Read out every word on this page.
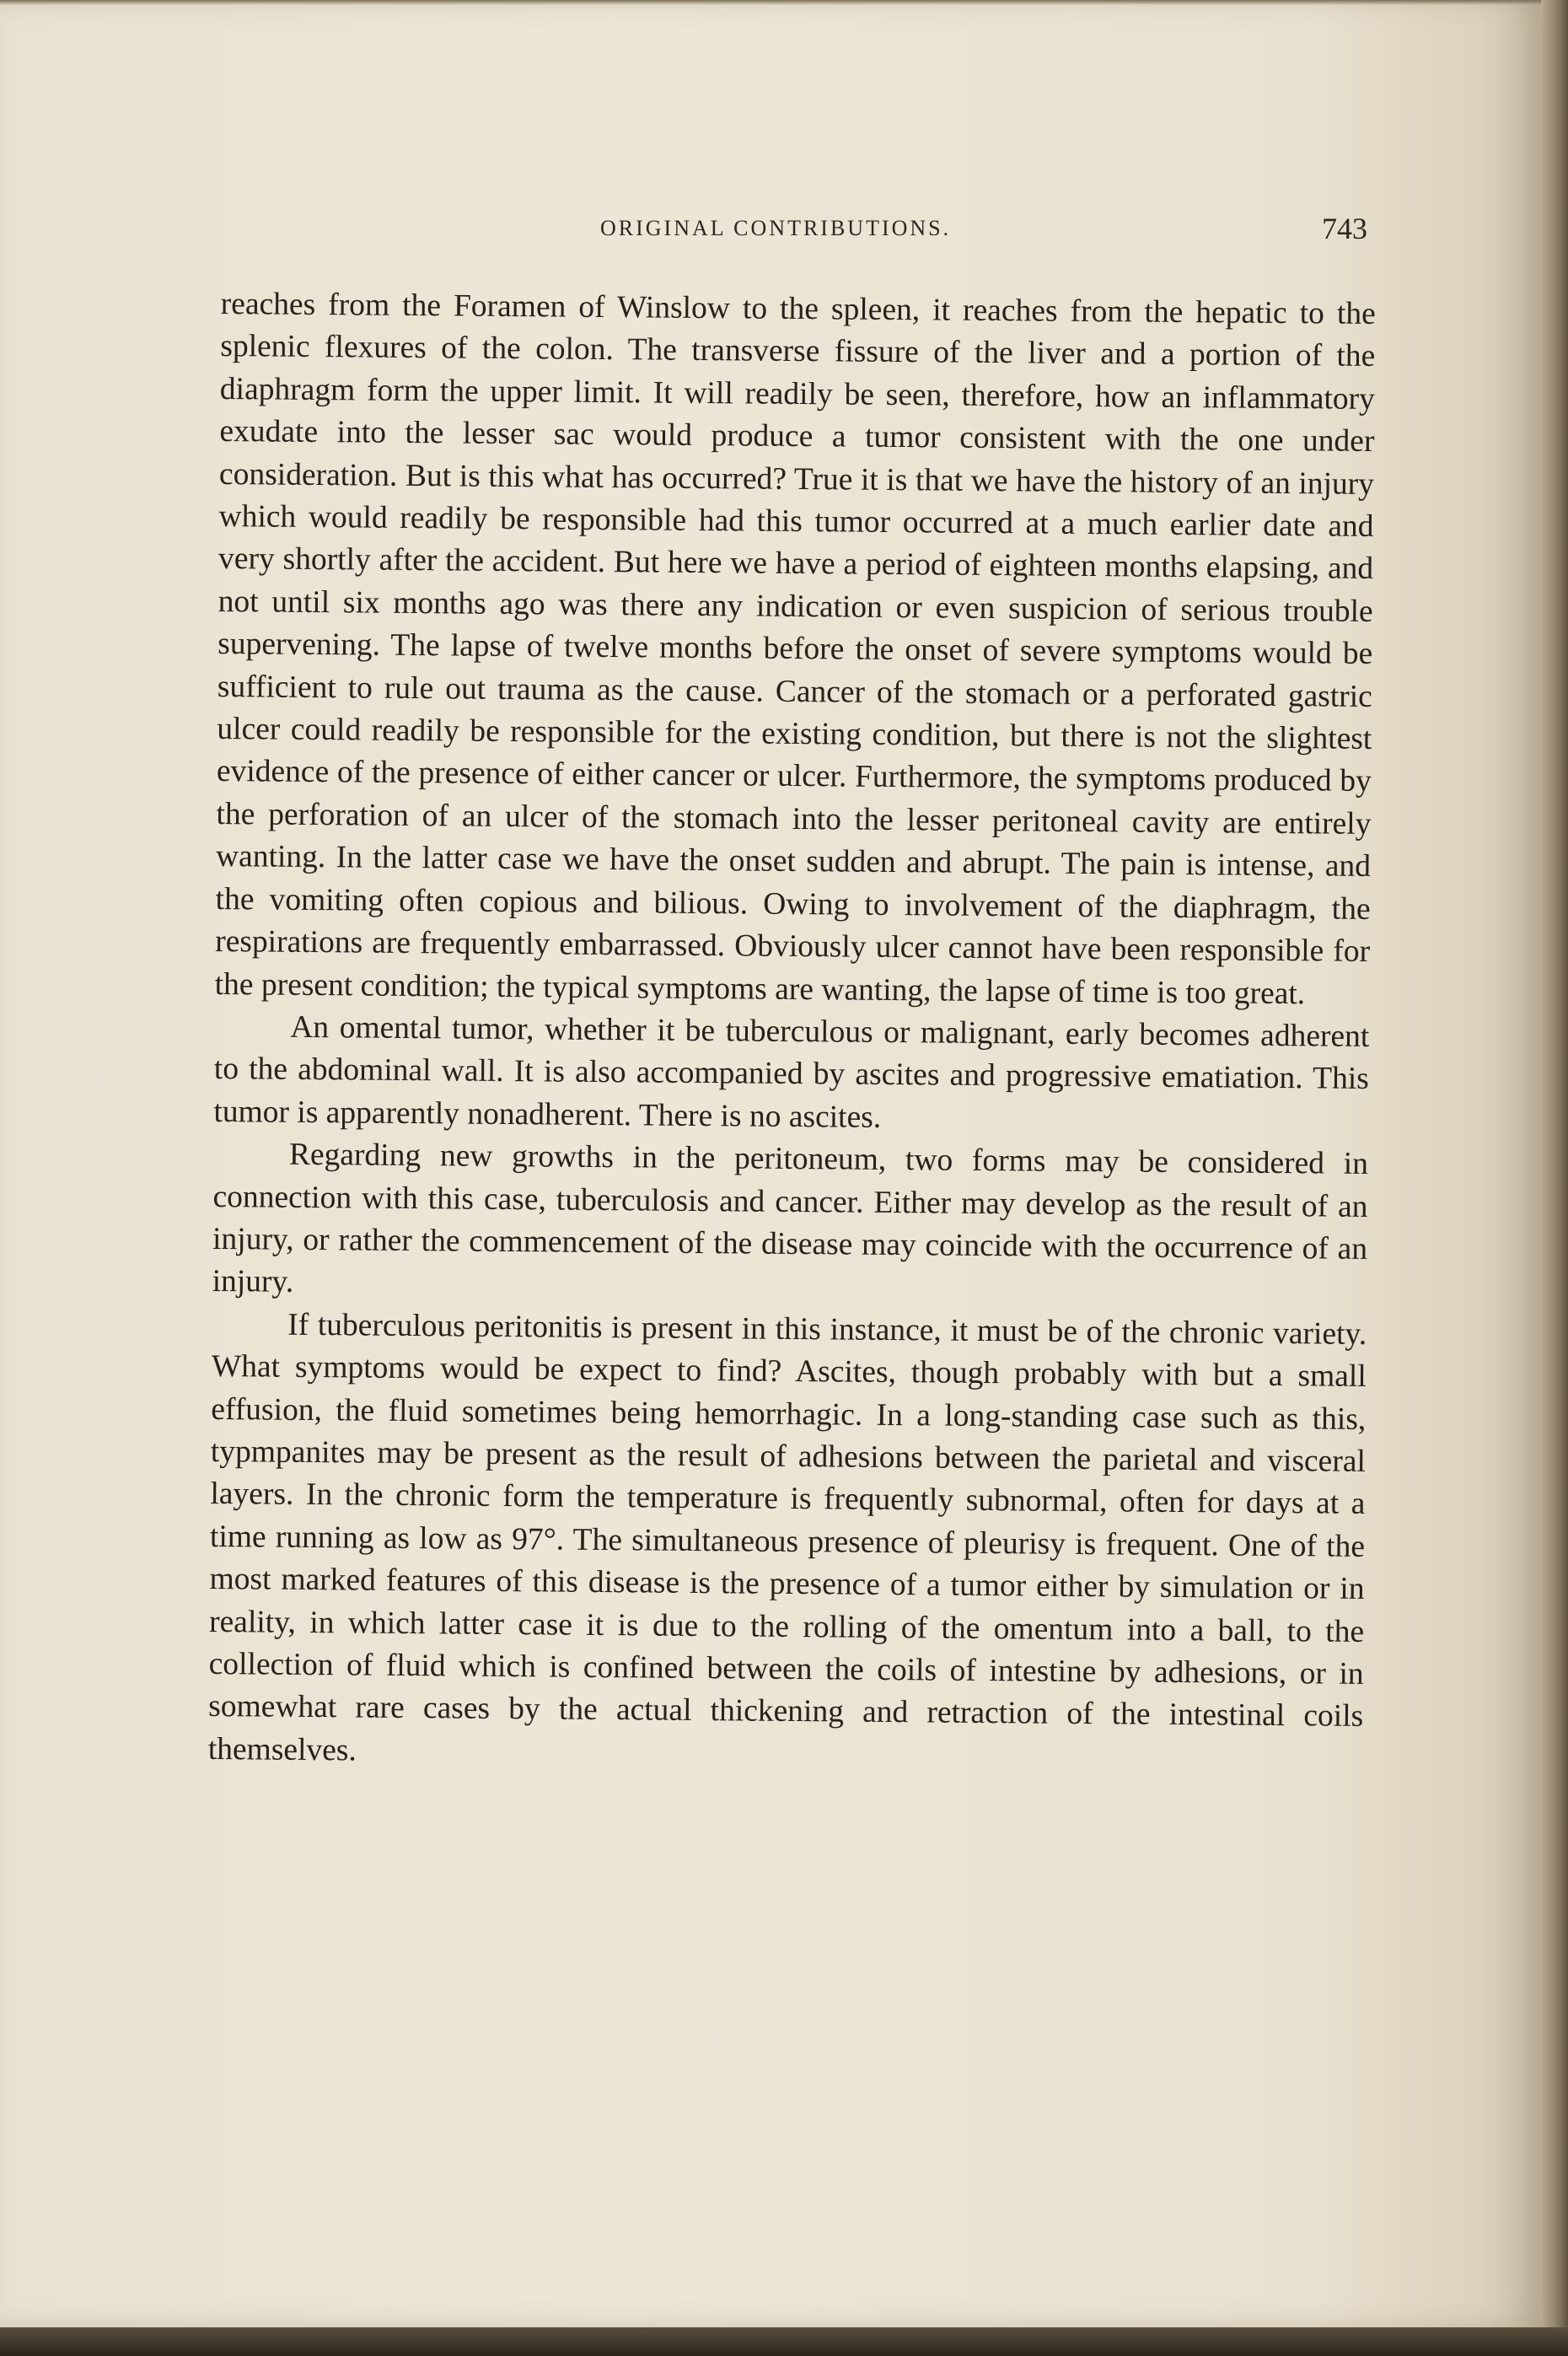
ORIGINAL CONTRIBUTIONS.	743

reaches from the Foramen of Winslow to the spleen, it reaches from the hepatic to the splenic flexures of the colon. The transverse fissure of the liver and a portion of the diaphragm form the upper limit. It will readily be seen, therefore, how an inflammatory exudate into the lesser sac would produce a tumor consistent with the one under consideration. But is this what has occurred? True it is that we have the history of an injury which would readily be responsible had this tumor occurred at a much earlier date and very shortly after the accident. But here we have a period of eighteen months elapsing, and not until six months ago was there any indication or even suspicion of serious trouble supervening. The lapse of twelve months before the onset of severe symptoms would be sufficient to rule out trauma as the cause. Cancer of the stomach or a perforated gastric ulcer could readily be responsible for the existing condition, but there is not the slightest evidence of the presence of either cancer or ulcer. Furthermore, the symptoms produced by the perforation of an ulcer of the stomach into the lesser peritoneal cavity are entirely wanting. In the latter case we have the onset sudden and abrupt. The pain is intense, and the vomiting often copious and bilious. Owing to involvement of the diaphragm, the respirations are frequently embarrassed. Obviously ulcer cannot have been responsible for the present condition; the typical symptoms are wanting, the lapse of time is too great.

An omental tumor, whether it be tuberculous or malignant, early becomes adherent to the abdominal wall. It is also accompanied by ascites and progressive ematiation. This tumor is apparently nonadherent. There is no ascites.

Regarding new growths in the peritoneum, two forms may be considered in connection with this case, tuberculosis and cancer. Either may develop as the result of an injury, or rather the commencement of the disease may coincide with the occurrence of an injury.

If tuberculous peritonitis is present in this instance, it must be of the chronic variety. What symptoms would be expect to find? Ascites, though probably with but a small effusion, the fluid sometimes being hemorrhagic. In a long-standing case such as this, typmpanites may be present as the result of adhesions between the parietal and visceral layers. In the chronic form the temperature is frequently subnormal, often for days at a time running as low as 97°. The simultaneous presence of pleurisy is frequent. One of the most marked features of this disease is the presence of a tumor either by simulation or in reality, in which latter case it is due to the rolling of the omentum into a ball, to the collection of fluid which is confined between the coils of intestine by adhesions, or in somewhat rare cases by the actual thickening and retraction of the intestinal coils themselves.
